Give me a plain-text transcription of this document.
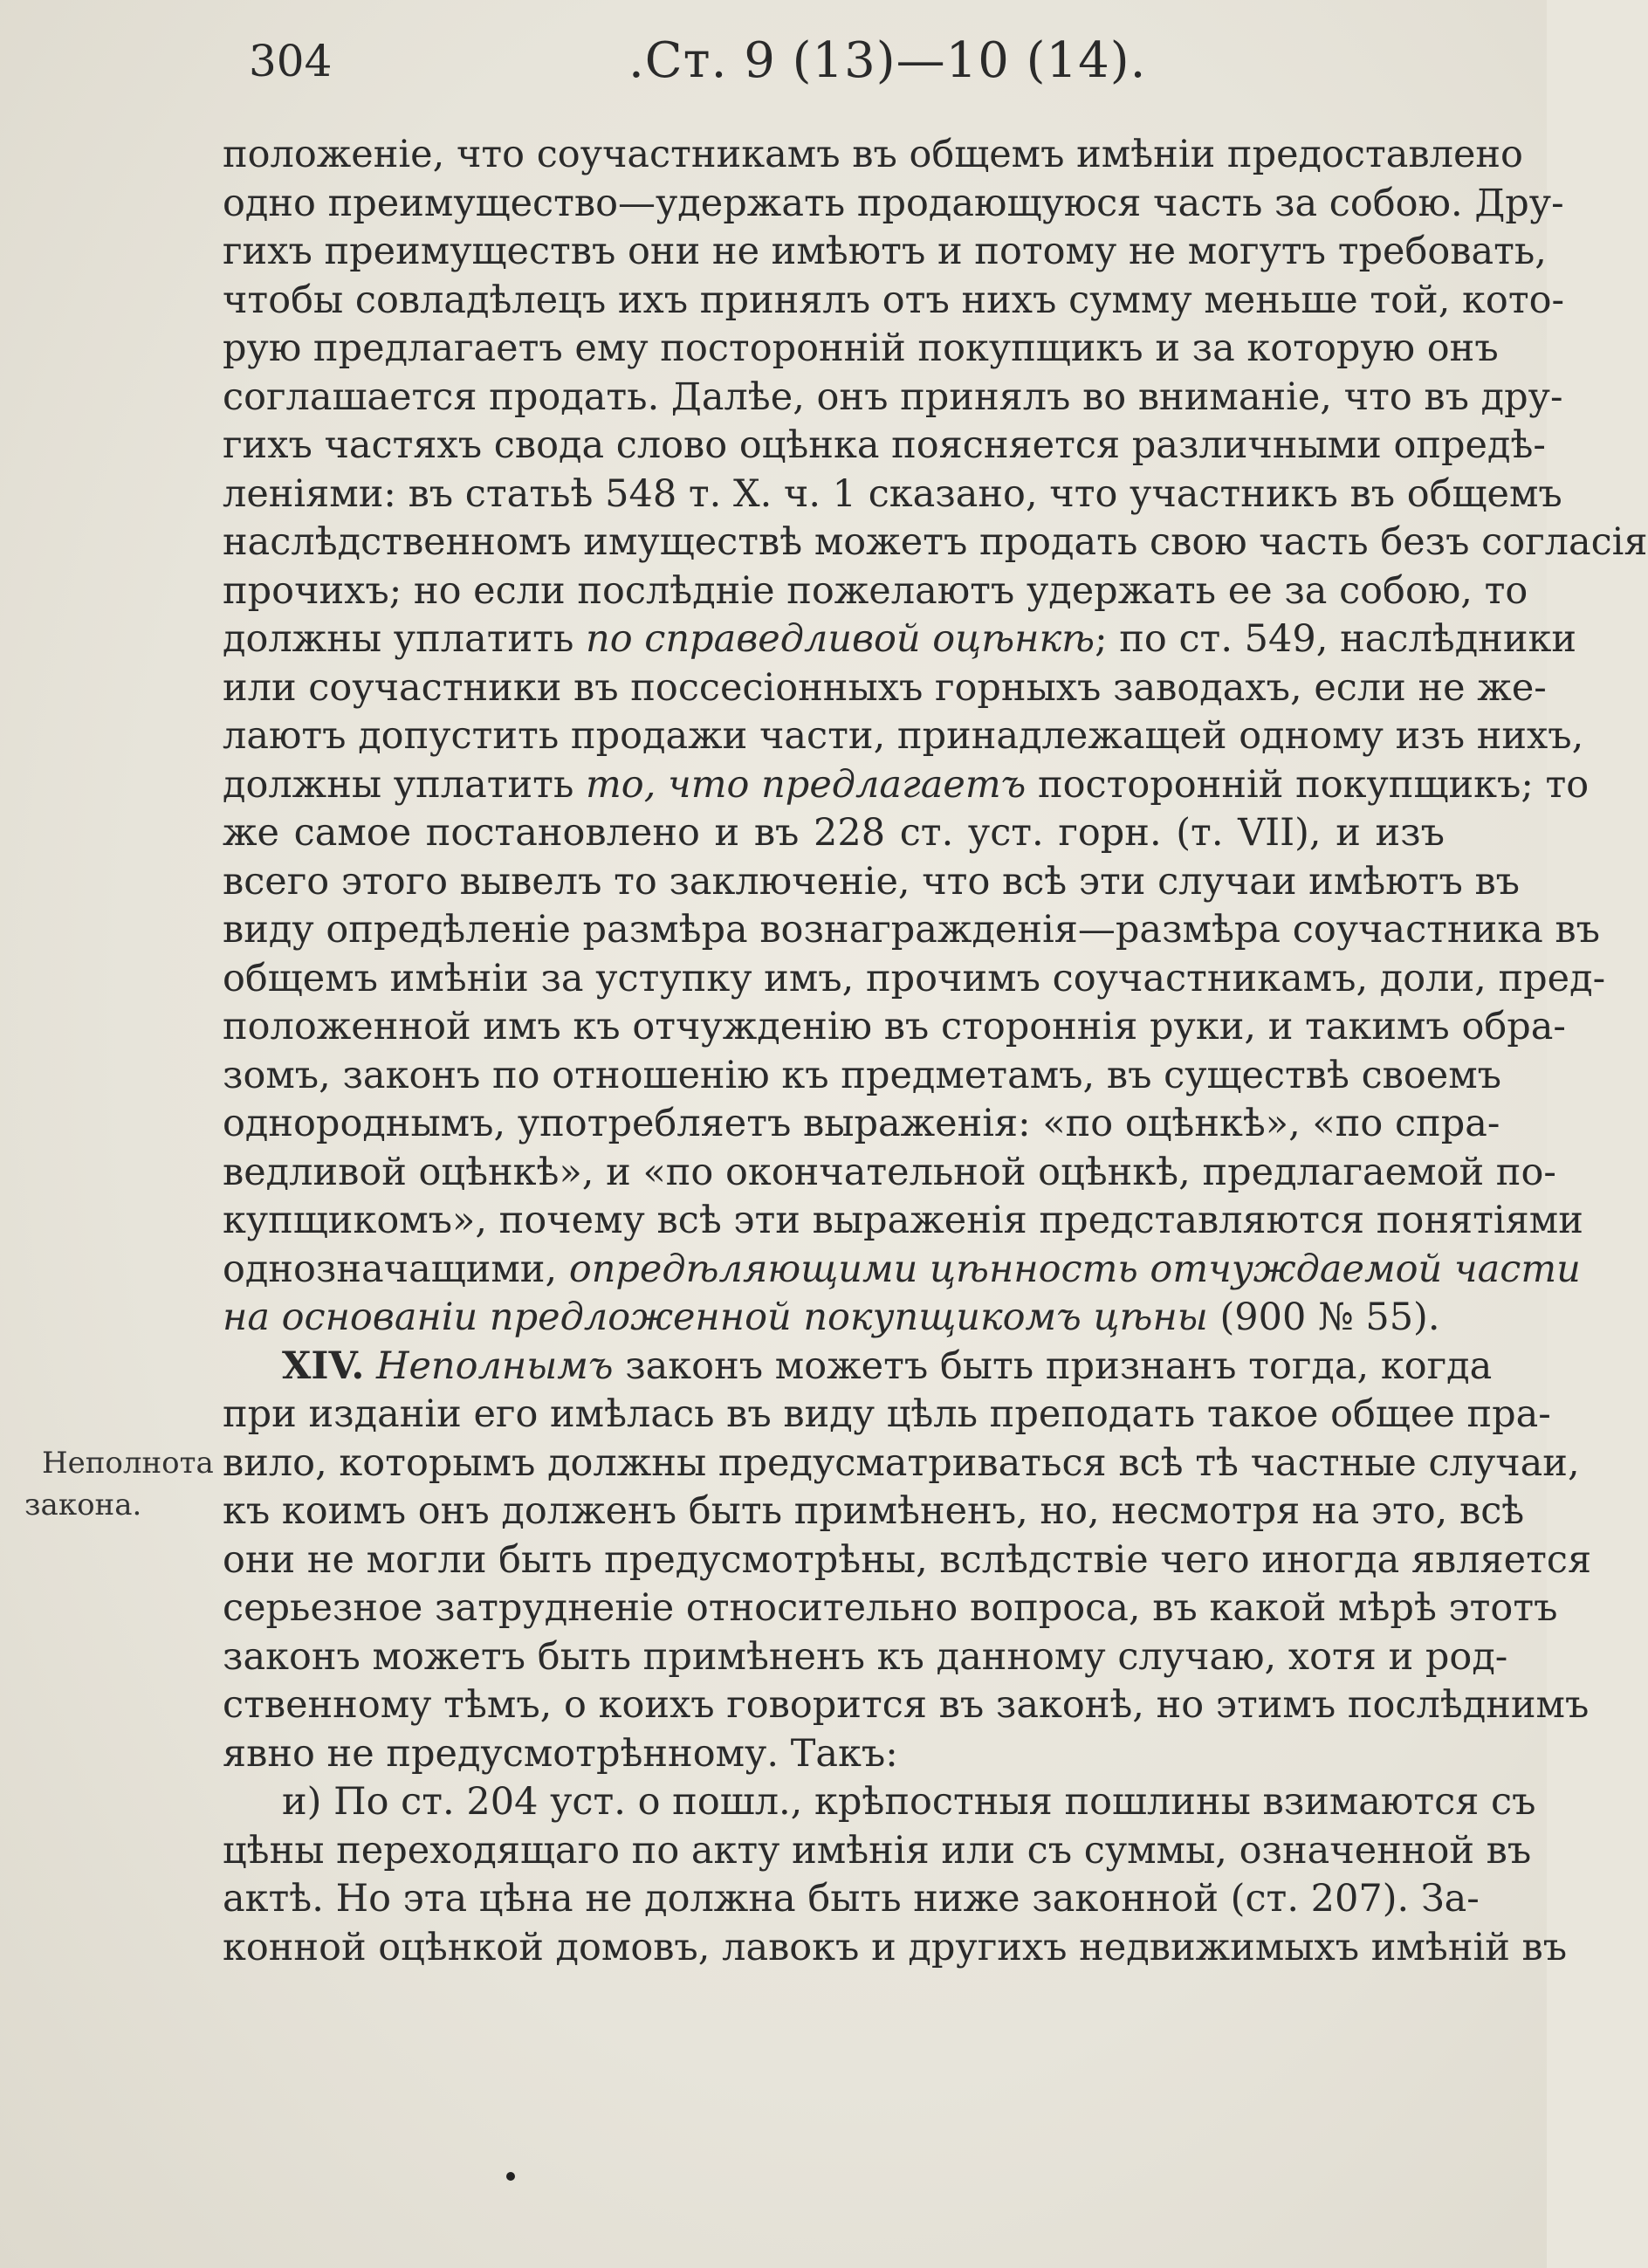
304	.Ст. 9 (13)—10 (14).
Неполнота
закона.
положеніе, что соучастникамъ въ общемъ имѣніи предоставлено
одно преимущество—удержать продающуюся часть за собою. Дру-
гихъ преимуществъ они не имѣютъ и потому не могутъ требовать,
чтобы совладѣлецъ ихъ принялъ отъ нихъ сумму меньше той, кото-
рую предлагаетъ ему посторонній покупщикъ и за которую онъ
соглашается продать. Далѣе, онъ принялъ во вниманіе, что въ дру-
гихъ частяхъ свода слово оцѣнка поясняется различными опредѣ-
леніями: въ статьѣ 548 т. X. ч. 1 сказано, что участникъ въ общемъ
наслѣдственномъ имуществѣ можетъ продать свою часть безъ согласія
прочихъ; но если послѣдніе пожелаютъ удержать ее за собою, то
должны уплатить по справедливой оцѣнкѣ; по ст. 549, наслѣдники
или соучастники въ поссесіонныхъ горныхъ заводахъ, если не же-
лаютъ допустить продажи части, принадлежащей одному изъ нихъ,
должны уплатить то, что предлагаетъ посторонній покупщикъ; то
же самое постановлено и въ 228 ст. уст. горн. (т. VII), и изъ
всего этого вывелъ то заключеніе, что всѣ эти случаи имѣютъ въ
виду опредѣленіе размѣра вознагражденія—размѣра соучастника въ
общемъ имѣніи за уступку имъ, прочимъ соучастникамъ, доли, пред-
положенной имъ къ отчужденію въ стороннія руки, и такимъ обра-
зомъ, законъ по отношенію къ предметамъ, въ существѣ своемъ
однороднымъ, употребляетъ выраженія: «по оцѣнкѣ», «по спра-
ведливой оцѣнкѣ», и «по окончательной оцѣнкѣ, предлагаемой по-
купщикомъ», почему всѣ эти выраженія представляются понятіями
однозначащими, опредѣляющими цѣнность отчуждаемой части
на основаніи предложенной покупщикомъ цѣны (900 № 55).
XIV. Неполнымъ законъ можетъ быть признанъ тогда, когда
при изданіи его имѣлась въ виду цѣль преподать такое общее пра-
вило, которымъ должны предусматриваться всѣ тѣ частные случаи,
къ коимъ онъ долженъ быть примѣненъ, но, несмотря на это, всѣ
они не могли быть предусмотрѣны, вслѣдствіе чего иногда является
серьезное затрудненіе относительно вопроса, въ какой мѣрѣ этотъ
законъ можетъ быть примѣненъ къ данному случаю, хотя и род-
ственному тѣмъ, о коихъ говорится въ законѣ, но этимъ послѣднимъ
явно не предусмотрѣнному. Такъ:
и) По ст. 204 уст. о пошл., крѣпостныя пошлины взимаются съ
цѣны переходящаго по акту имѣнія или съ суммы, означенной въ
актѣ. Но эта цѣна не должна быть ниже законной (ст. 207). За-
конной оцѣнкой домовъ, лавокъ и другихъ недвижимыхъ имѣній въ
